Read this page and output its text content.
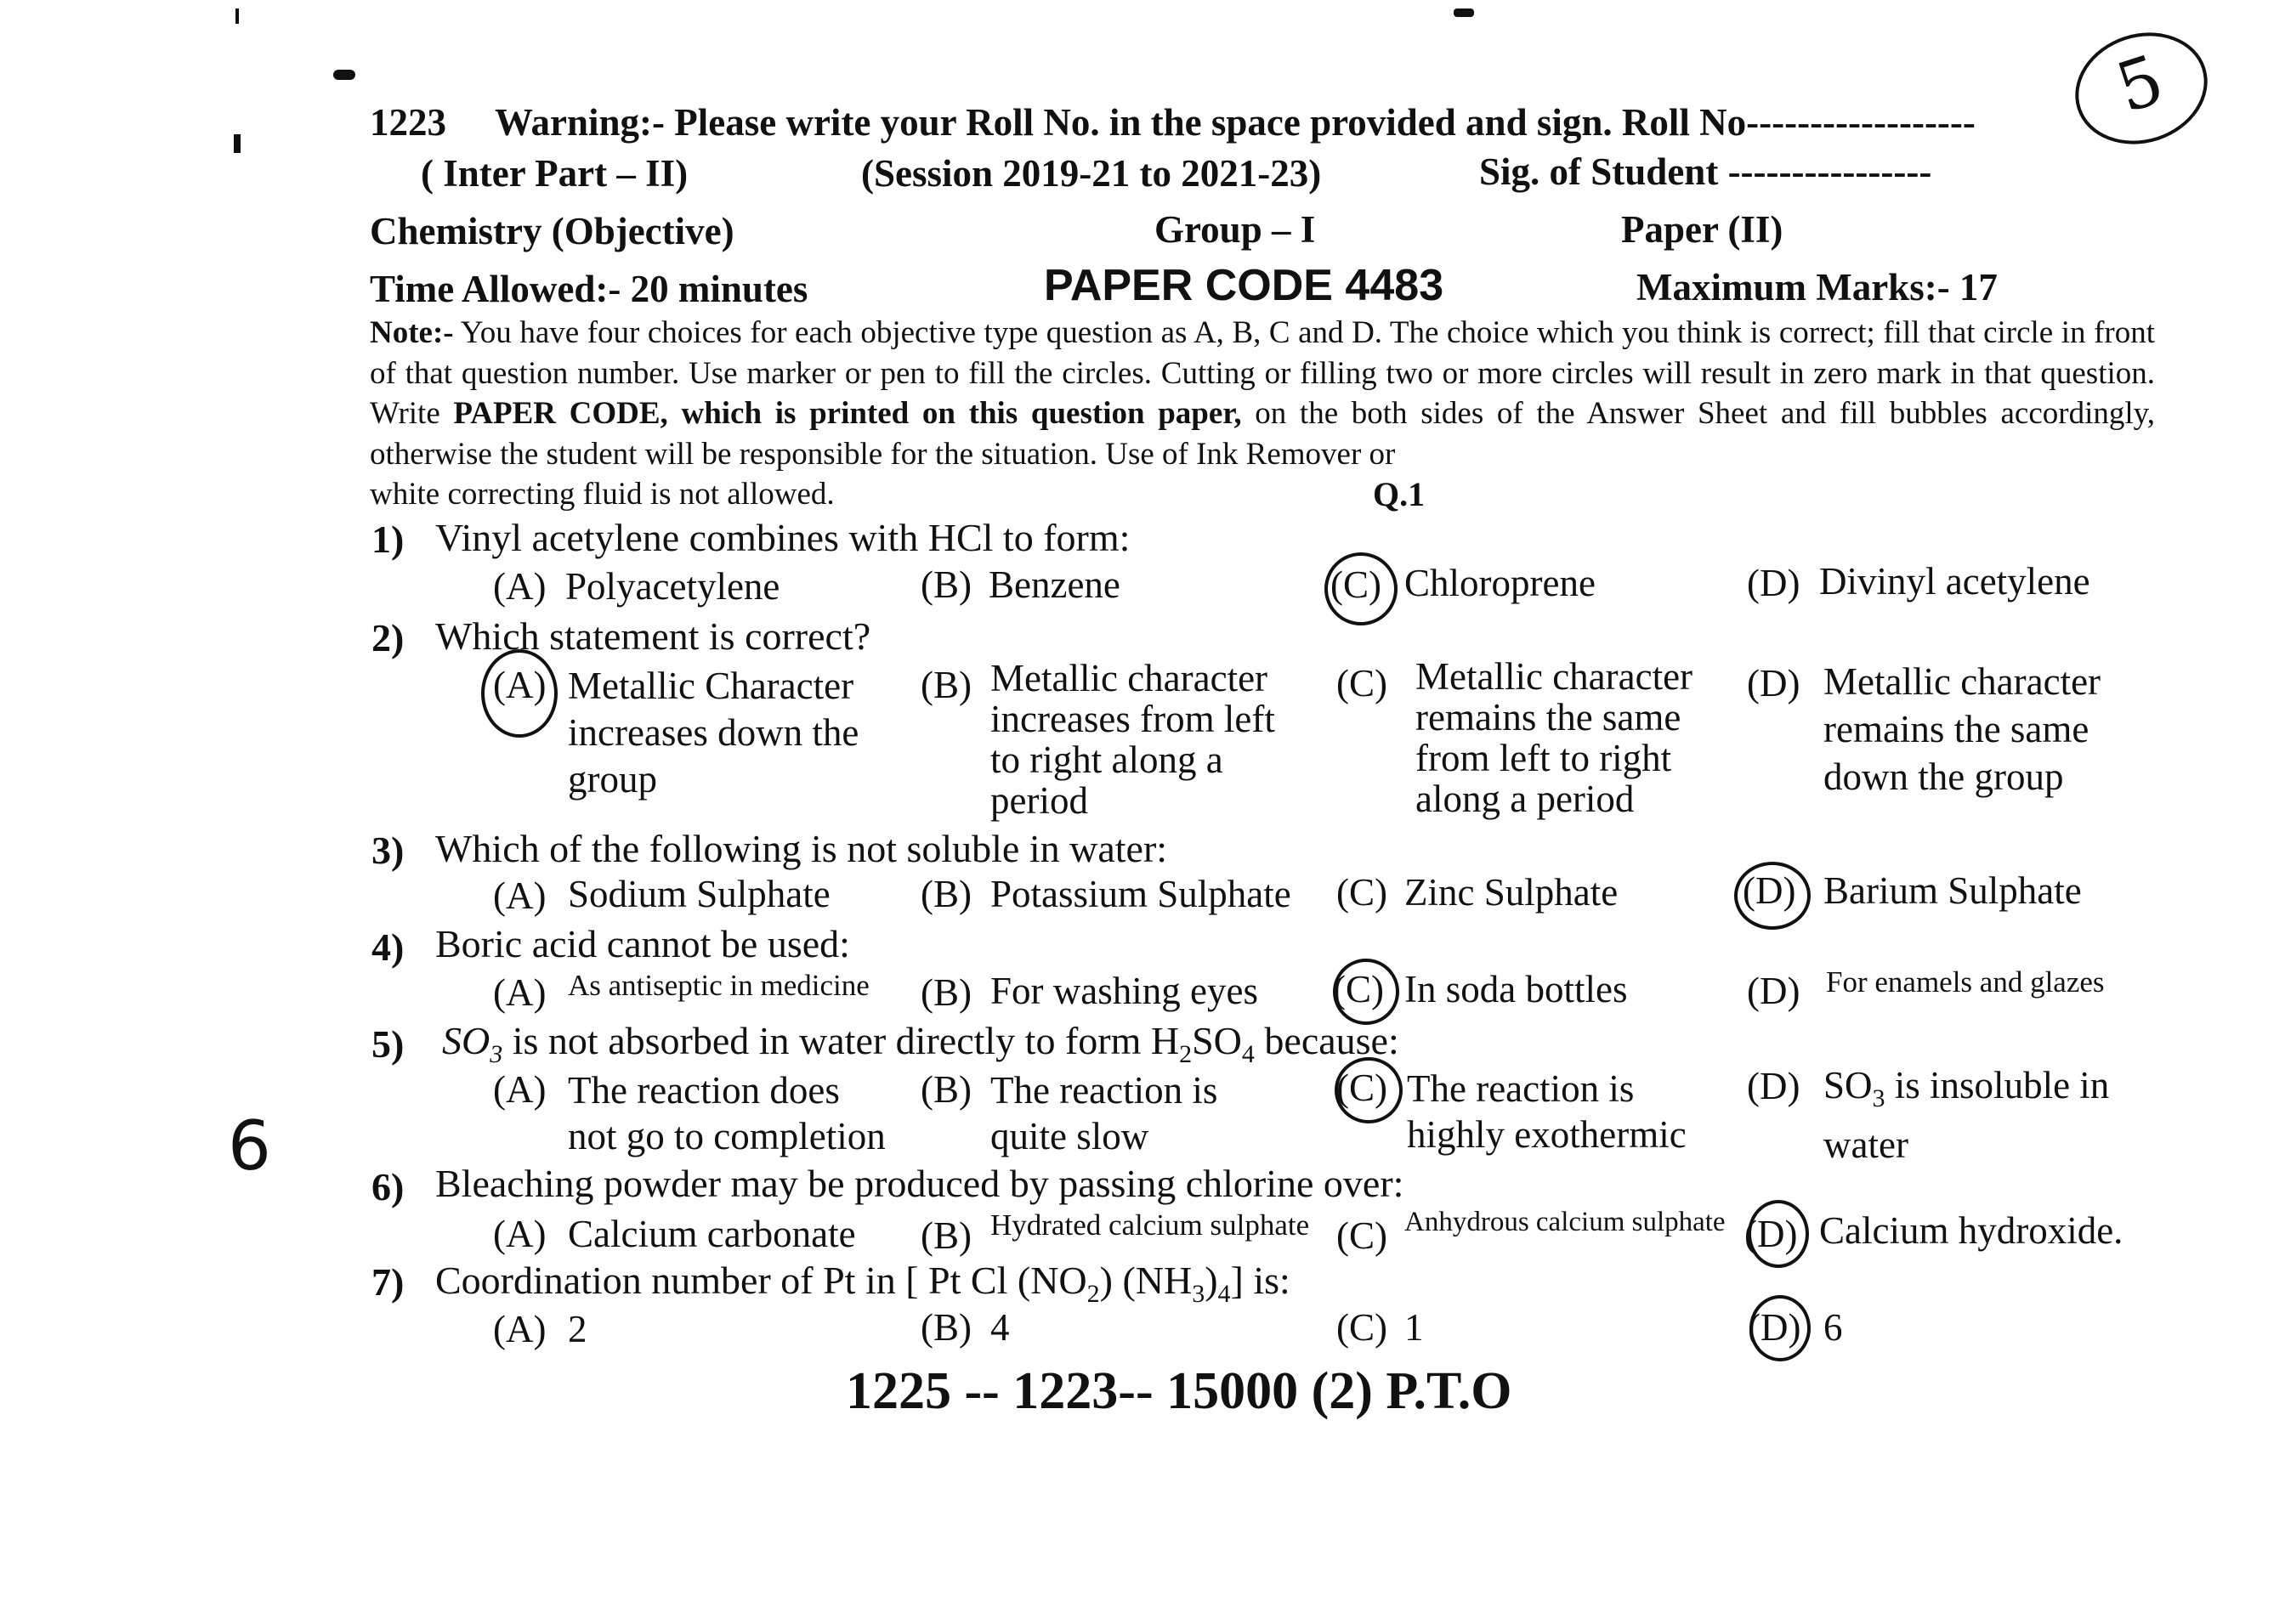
1223 Warning:- Please write your Roll No. in the space provided and sign. Roll No------------------	5
( Inter Part – II)	(Session 2019-21 to 2021-23)	Sig. of Student ----------------
Chemistry (Objective)	Group – I	Paper (II)
Time Allowed:- 20 minutes	PAPER CODE 4483	Maximum Marks:- 17
Note:- You have four choices for each objective type question as A, B, C and D. The choice which you think is correct; fill that circle in front of that question number. Use marker or pen to fill the circles. Cutting or filling two or more circles will result in zero mark in that question. Write PAPER CODE, which is printed on this question paper, on the both sides of the Answer Sheet and fill bubbles accordingly, otherwise the student will be responsible for the situation. Use of Ink Remover or
white correcting fluid is not allowed.	Q.1
1) Vinyl acetylene combines with HCl to form:
(A) Polyacetylene	(B) Benzene	(C) Chloroprene	(D) Divinyl acetylene
2) Which statement is correct?
(A) Metallic Character
increases down the
group
(B) Metallic character
increases from left
to right along a
period
(C) Metallic character
remains the same
from left to right
along a period
(D) Metallic character
remains the same
down the group
3) Which of the following is not soluble in water:
(A) Sodium Sulphate (B) Potassium Sulphate (C) Zinc Sulphate	(D) Barium Sulphate
4) Boric acid cannot be used:
(A) As antiseptic in medicine (B) For washing eyes (C) In soda bottles	(D) For enamels and glazes
5) $SO_3$ is not absorbed in water directly to form $H_2SO_4$ because:
(A) The reaction does
not go to completion
(B) The reaction is
quite slow
(C) The reaction is
highly exothermic
(D) $SO_3$ is insoluble in
water
6
6) Bleaching powder may be produced by passing chlorine over:
(A) Calcium carbonate (B) Hydrated calcium sulphate (C) Anhydrous calcium sulphate (D) Calcium hydroxide.
7) Coordination number of Pt in [ Pt Cl $(NO_2)$ $(NH_3)_4$] is:
(A) 2	(B) 4	(C) 1	(D) 6
1225 -- 1223-- 15000 (2) P.T.O
